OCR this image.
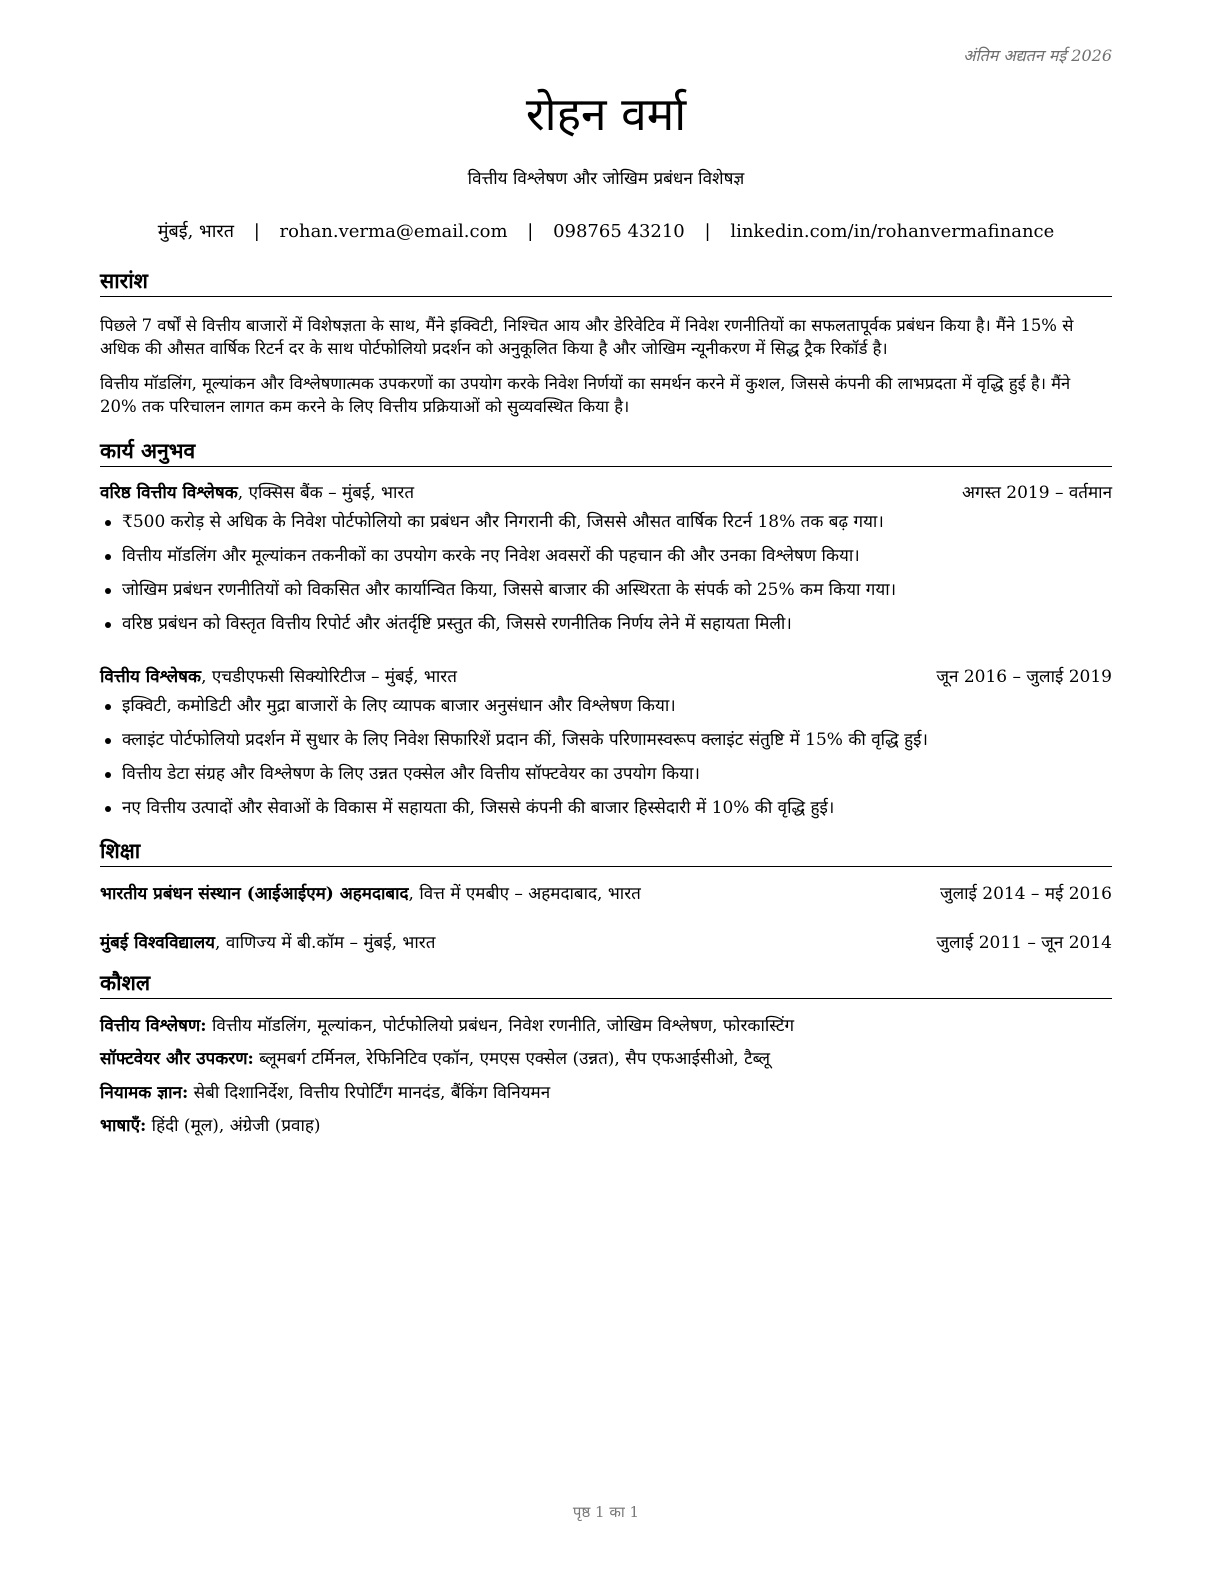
अंतिम अद्यतन मई 2026
रोहन वर्मा
वित्तीय विश्लेषण और जोखिम प्रबंधन विशेषज्ञ
मुंबई, भारत | rohan.verma@email.com | 098765 43210 | linkedin.com/in/rohanvermafinance
सारांश
पिछले 7 वर्षों से वित्तीय बाजारों में विशेषज्ञता के साथ, मैंने इक्विटी, निश्चित आय और डेरिवेटिव में निवेश रणनीतियों का सफलतापूर्वक प्रबंधन किया है। मैंने 15% से अधिक की औसत वार्षिक रिटर्न दर के साथ पोर्टफोलियो प्रदर्शन को अनुकूलित किया है और जोखिम न्यूनीकरण में सिद्ध ट्रैक रिकॉर्ड है।
वित्तीय मॉडलिंग, मूल्यांकन और विश्लेषणात्मक उपकरणों का उपयोग करके निवेश निर्णयों का समर्थन करने में कुशल, जिससे कंपनी की लाभप्रदता में वृद्धि हुई है। मैंने 20% तक परिचालन लागत कम करने के लिए वित्तीय प्रक्रियाओं को सुव्यवस्थित किया है।
कार्य अनुभव
वरिष्ठ वित्तीय विश्लेषक, एक्सिस बैंक – मुंबई, भारत	अगस्त 2019 – वर्तमान
₹500 करोड़ से अधिक के निवेश पोर्टफोलियो का प्रबंधन और निगरानी की, जिससे औसत वार्षिक रिटर्न 18% तक बढ़ गया।
वित्तीय मॉडलिंग और मूल्यांकन तकनीकों का उपयोग करके नए निवेश अवसरों की पहचान की और उनका विश्लेषण किया।
जोखिम प्रबंधन रणनीतियों को विकसित और कार्यान्वित किया, जिससे बाजार की अस्थिरता के संपर्क को 25% कम किया गया।
वरिष्ठ प्रबंधन को विस्तृत वित्तीय रिपोर्ट और अंतर्दृष्टि प्रस्तुत की, जिससे रणनीतिक निर्णय लेने में सहायता मिली।
वित्तीय विश्लेषक, एचडीएफसी सिक्योरिटीज – मुंबई, भारत	जून 2016 – जुलाई 2019
इक्विटी, कमोडिटी और मुद्रा बाजारों के लिए व्यापक बाजार अनुसंधान और विश्लेषण किया।
क्लाइंट पोर्टफोलियो प्रदर्शन में सुधार के लिए निवेश सिफारिशें प्रदान कीं, जिसके परिणामस्वरूप क्लाइंट संतुष्टि में 15% की वृद्धि हुई।
वित्तीय डेटा संग्रह और विश्लेषण के लिए उन्नत एक्सेल और वित्तीय सॉफ्टवेयर का उपयोग किया।
नए वित्तीय उत्पादों और सेवाओं के विकास में सहायता की, जिससे कंपनी की बाजार हिस्सेदारी में 10% की वृद्धि हुई।
शिक्षा
भारतीय प्रबंधन संस्थान (आईआईएम) अहमदाबाद, वित्त में एमबीए – अहमदाबाद, भारत	जुलाई 2014 – मई 2016
मुंबई विश्वविद्यालय, वाणिज्य में बी.कॉम – मुंबई, भारत	जुलाई 2011 – जून 2014
कौशल
वित्तीय विश्लेषण: वित्तीय मॉडलिंग, मूल्यांकन, पोर्टफोलियो प्रबंधन, निवेश रणनीति, जोखिम विश्लेषण, फोरकास्टिंग
सॉफ्टवेयर और उपकरण: ब्लूमबर्ग टर्मिनल, रेफिनिटिव एकॉन, एमएस एक्सेल (उन्नत), सैप एफआईसीओ, टैब्लू
नियामक ज्ञान: सेबी दिशानिर्देश, वित्तीय रिपोर्टिंग मानदंड, बैंकिंग विनियमन
भाषाएँ: हिंदी (मूल), अंग्रेजी (प्रवाह)
पृष्ठ 1 का 1
